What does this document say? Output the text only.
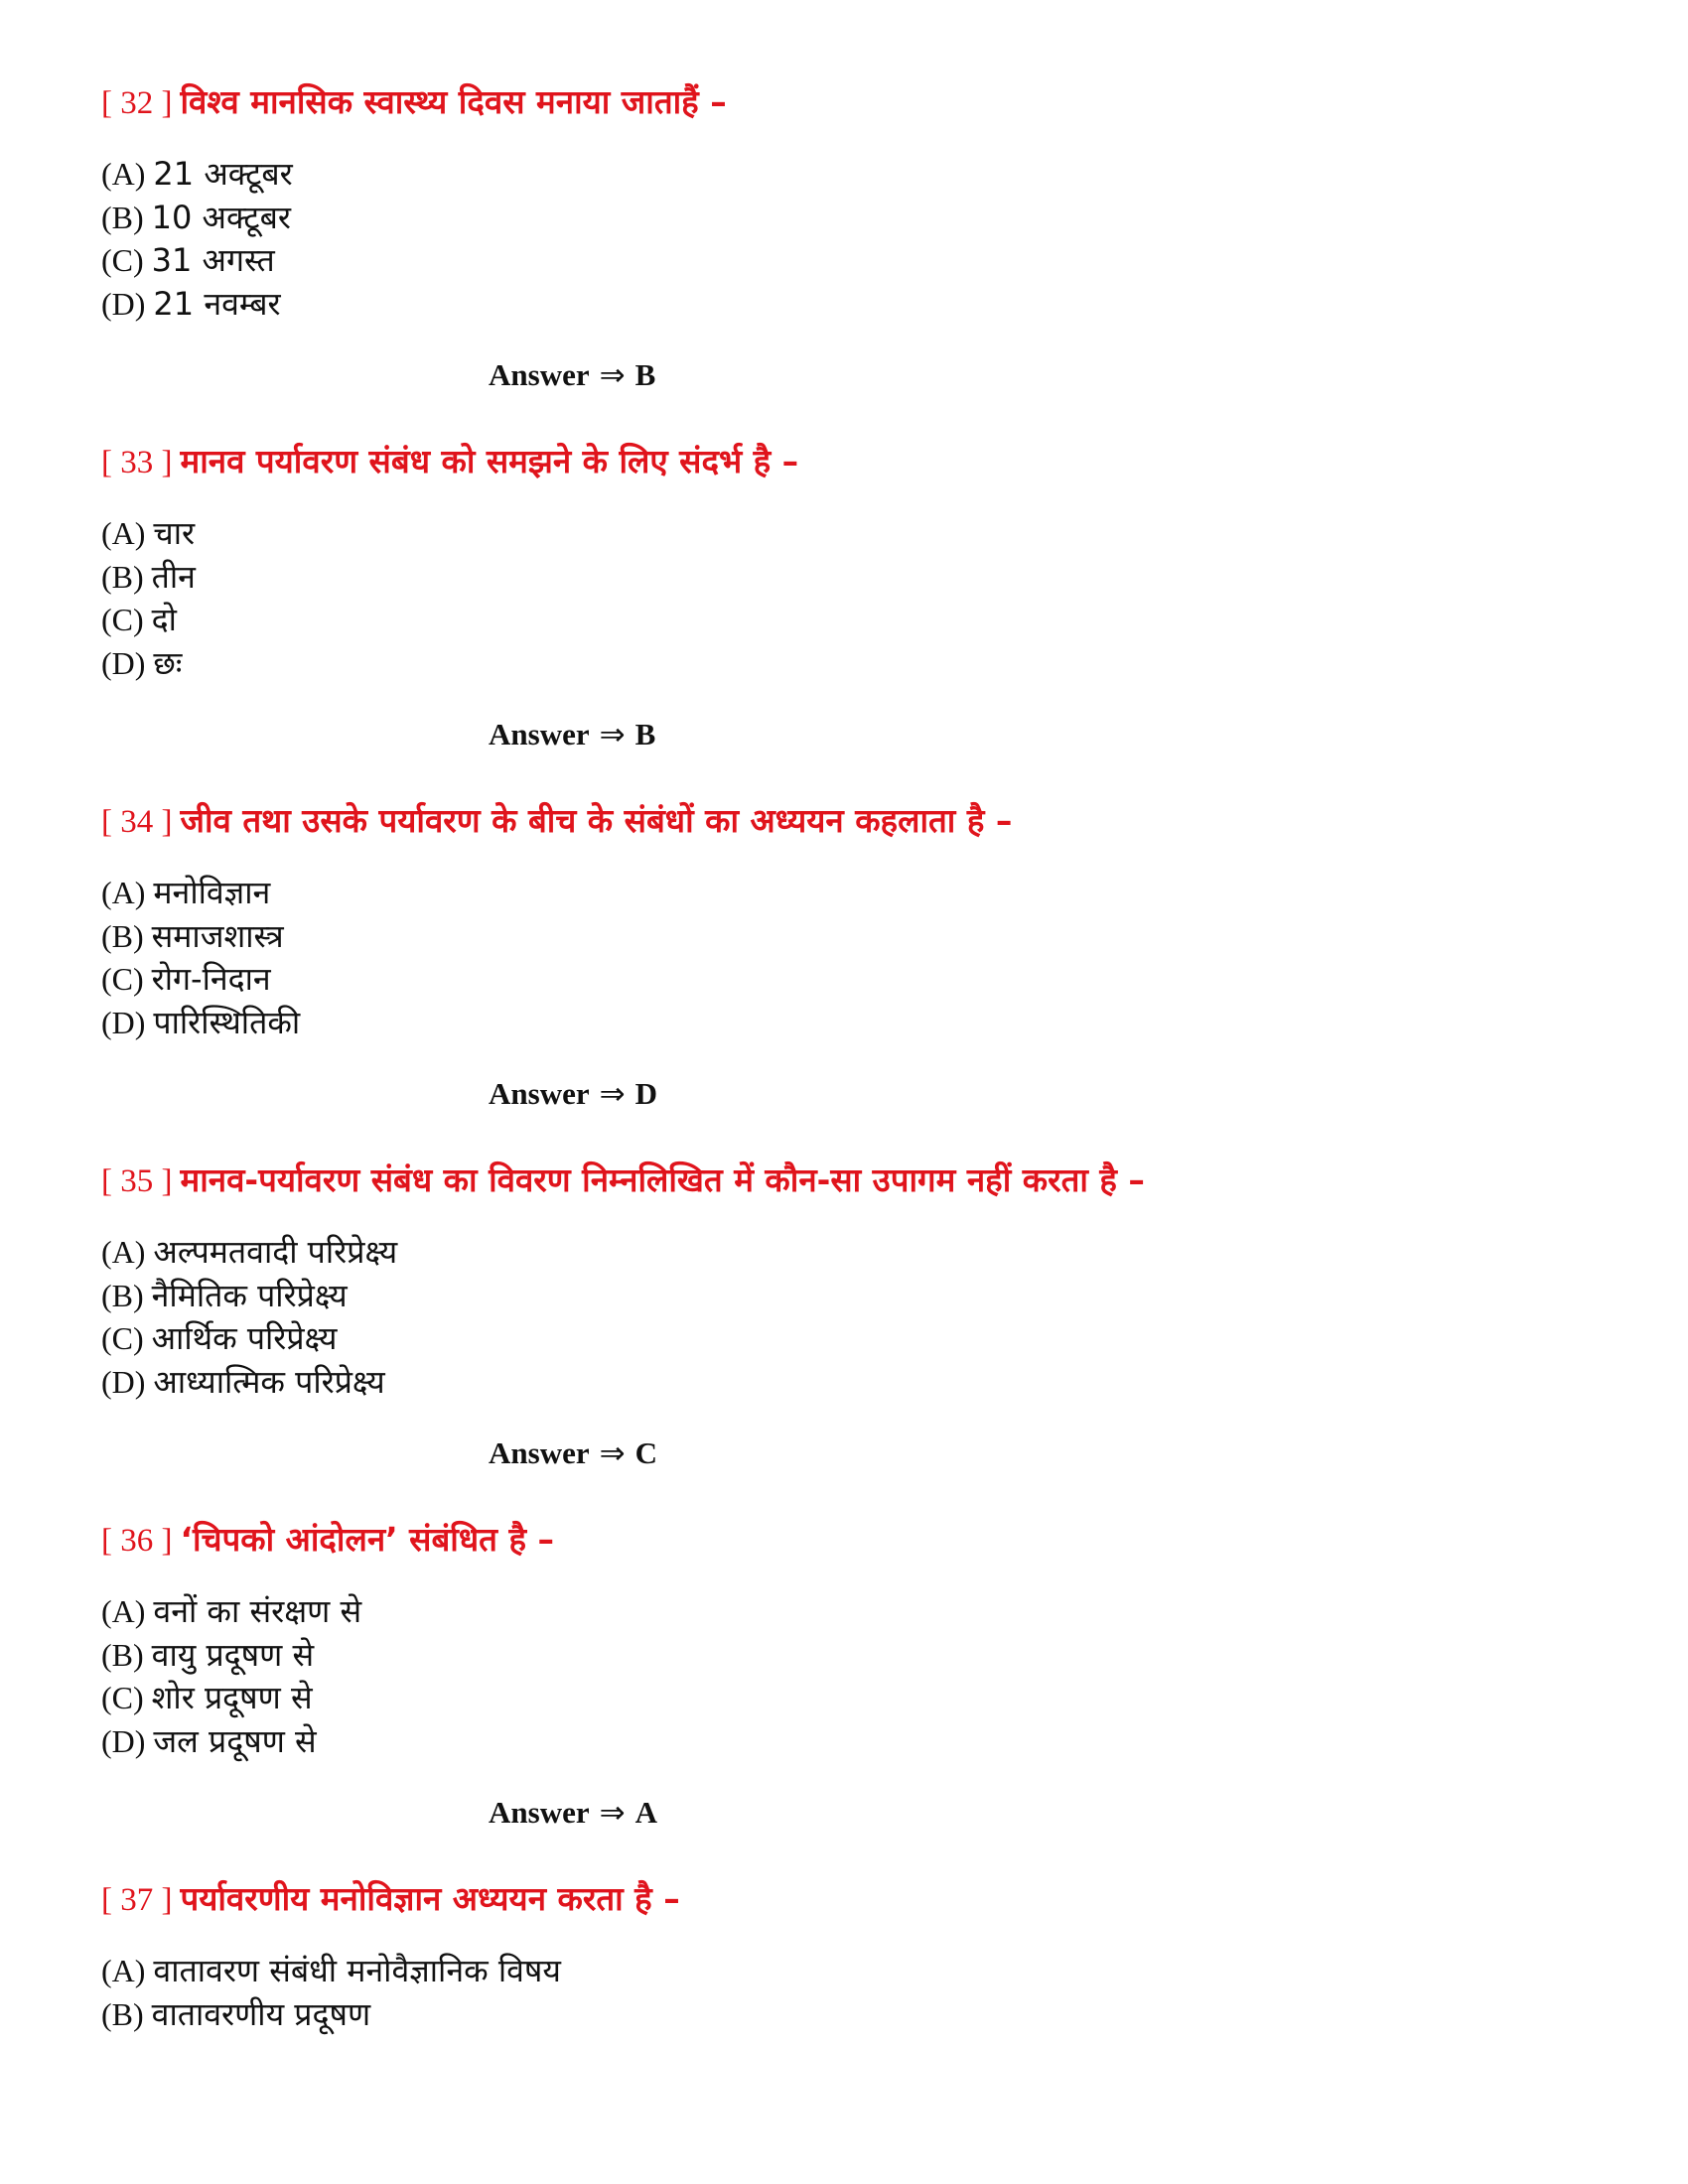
[ 32 ] विश्व मानसिक स्वास्थ्य दिवस मनाया जाताहैं –
(A) 21 अक्टूबर
(B) 10 अक्टूबर
(C) 31 अगस्त
(D) 21 नवम्बर
Answer ⇒ B
[ 33 ] मानव पर्यावरण संबंध को समझने के लिए संदर्भ है –
(A) चार
(B) तीन
(C) दो
(D) छः
Answer ⇒ B
[ 34 ] जीव तथा उसके पर्यावरण के बीच के संबंधों का अध्ययन कहलाता है –
(A) मनोविज्ञान
(B) समाजशास्त्र
(C) रोग-निदान
(D) पारिस्थितिकी
Answer ⇒ D
[ 35 ] मानव-पर्यावरण संबंध का विवरण निम्नलिखित में कौन-सा उपागम नहीं करता है –
(A) अल्पमतवादी परिप्रेक्ष्य
(B) नैमितिक परिप्रेक्ष्य
(C) आर्थिक परिप्रेक्ष्य
(D) आध्यात्मिक परिप्रेक्ष्य
Answer ⇒ C
[ 36 ] ‘चिपको आंदोलन’ संबंधित है –
(A) वनों का संरक्षण से
(B) वायु प्रदूषण से
(C) शोर प्रदूषण से
(D) जल प्रदूषण से
Answer ⇒ A
[ 37 ] पर्यावरणीय मनोविज्ञान अध्ययन करता है –
(A) वातावरण संबंधी मनोवैज्ञानिक विषय
(B) वातावरणीय प्रदूषण
